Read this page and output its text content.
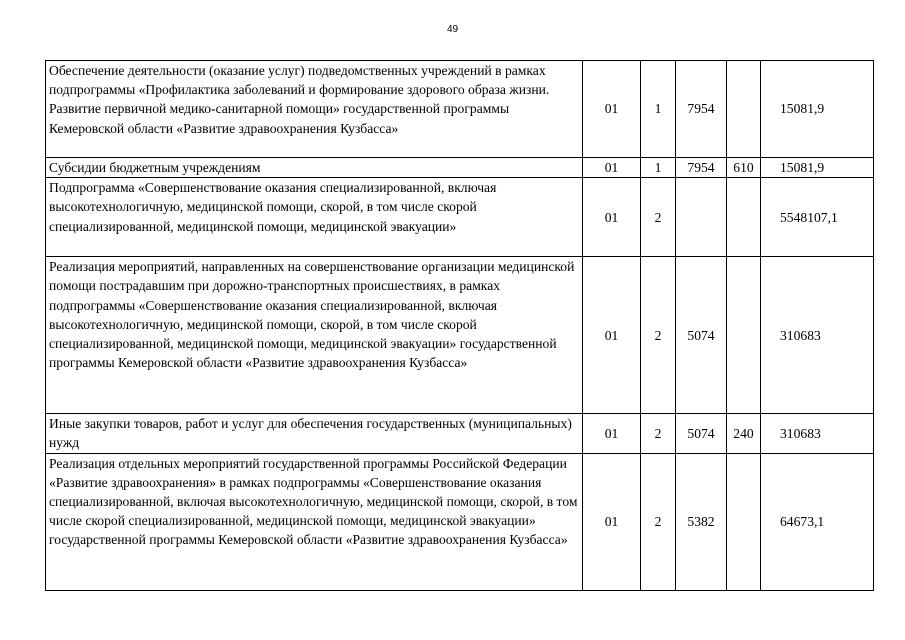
49
Обеспечение деятельности (оказание услуг) подведомственных учреждений в рамках подпрограммы «Профилактика заболеваний и формирование здорового образа жизни. Развитие первичной медико-санитарной помощи» государственной программы Кемеровской области «Развитие здравоохранения Кузбасса»	01	1	7954		15081,9
Субсидии бюджетным учреждениям	01	1	7954	610	15081,9
Подпрограмма «Совершенствование оказания специализированной, включая высокотехнологичную, медицинской помощи, скорой, в том числе скорой специализированной, медицинской помощи, медицинской эвакуации»	01	2			5548107,1
Реализация мероприятий, направленных на совершенствование организации медицинской помощи пострадавшим при дорожно-транспортных происшествиях, в рамках подпрограммы «Совершенствование оказания специализированной, включая высокотехнологичную, медицинской помощи, скорой, в том числе скорой специализированной, медицинской помощи, медицинской эвакуации» государственной программы Кемеровской области «Развитие здравоохранения Кузбасса»	01	2	5074		310683
Иные закупки товаров, работ и услуг для обеспечения государственных (муниципальных) нужд	01	2	5074	240	310683
Реализация отдельных мероприятий государственной программы Российской Федерации «Развитие здравоохранения» в рамках подпрограммы «Совершенствование оказания специализированной, включая высокотехнологичную, медицинской помощи, скорой, в том числе скорой специализированной, медицинской помощи, медицинской эвакуации» государственной программы Кемеровской области «Развитие здравоохранения Кузбасса»	01	2	5382		64673,1
